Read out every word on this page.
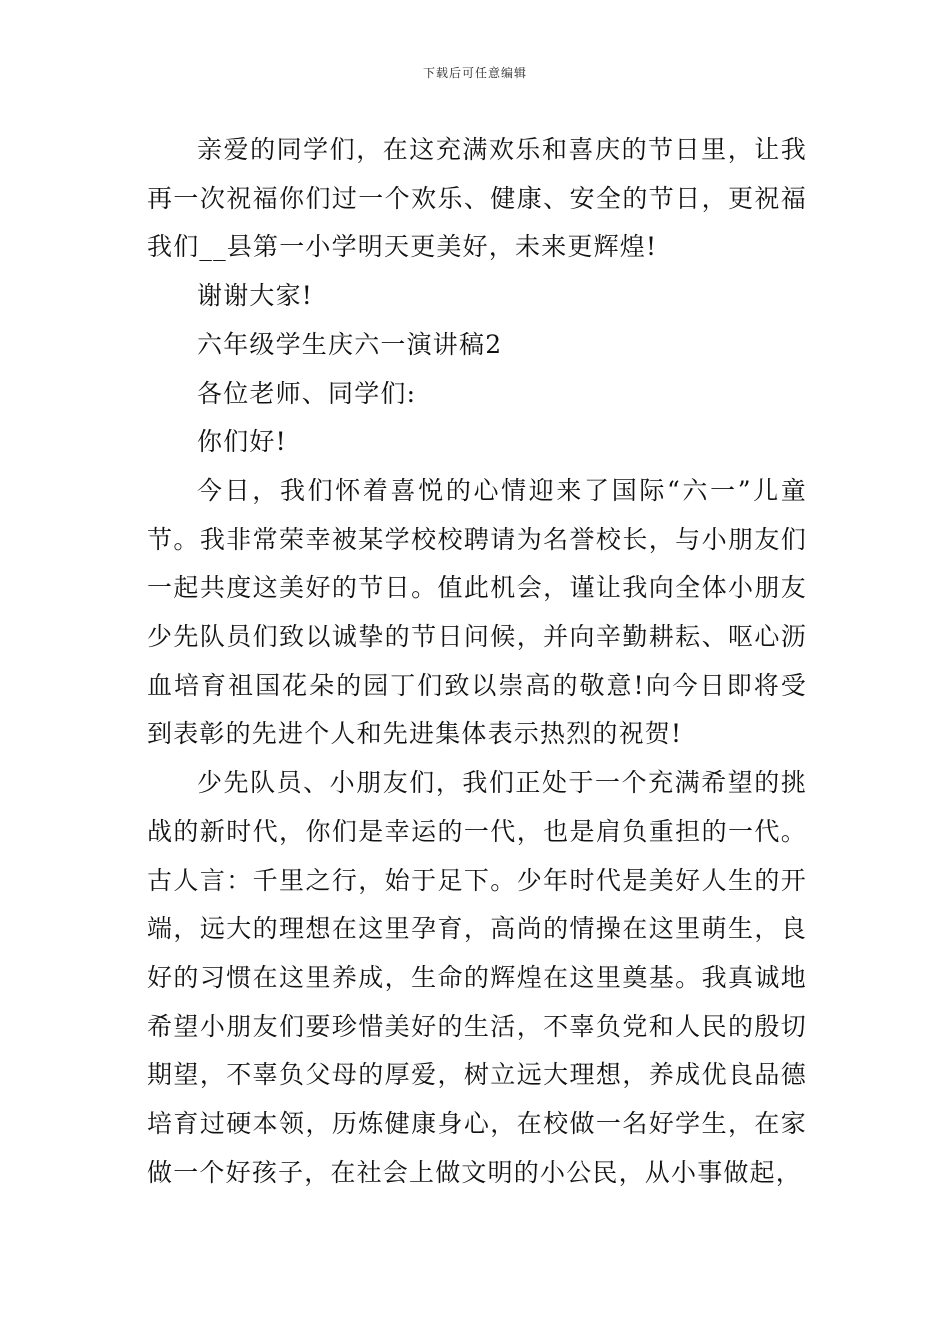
下载后可任意编辑

亲爱的同学们，在这充满欢乐和喜庆的节日里，让我再一次祝福你们过一个欢乐、健康、安全的节日，更祝福我们__县第一小学明天更美好，未来更辉煌!

谢谢大家!

六年级学生庆六一演讲稿2

各位老师、同学们:

你们好!

今日，我们怀着喜悦的心情迎来了国际“六一”儿童节。我非常荣幸被某学校校聘请为名誉校长，与小朋友们一起共度这美好的节日。值此机会，谨让我向全体小朋友少先队员们致以诚挚的节日问候，并向辛勤耕耘、呕心沥血培育祖国花朵的园丁们致以崇高的敬意!向今日即将受到表彰的先进个人和先进集体表示热烈的祝贺!

少先队员、小朋友们，我们正处于一个充满希望的挑战的新时代，你们是幸运的一代，也是肩负重担的一代。古人言：千里之行，始于足下。少年时代是美好人生的开端，远大的理想在这里孕育，高尚的情操在这里萌生，良好的习惯在这里养成，生命的辉煌在这里奠基。我真诚地希望小朋友们要珍惜美好的生活，不辜负党和人民的殷切期望，不辜负父母的厚爱，树立远大理想，养成优良品德培育过硬本领，历炼健康身心，在校做一名好学生，在家做一个好孩子，在社会上做文明的小公民，从小事做起，
